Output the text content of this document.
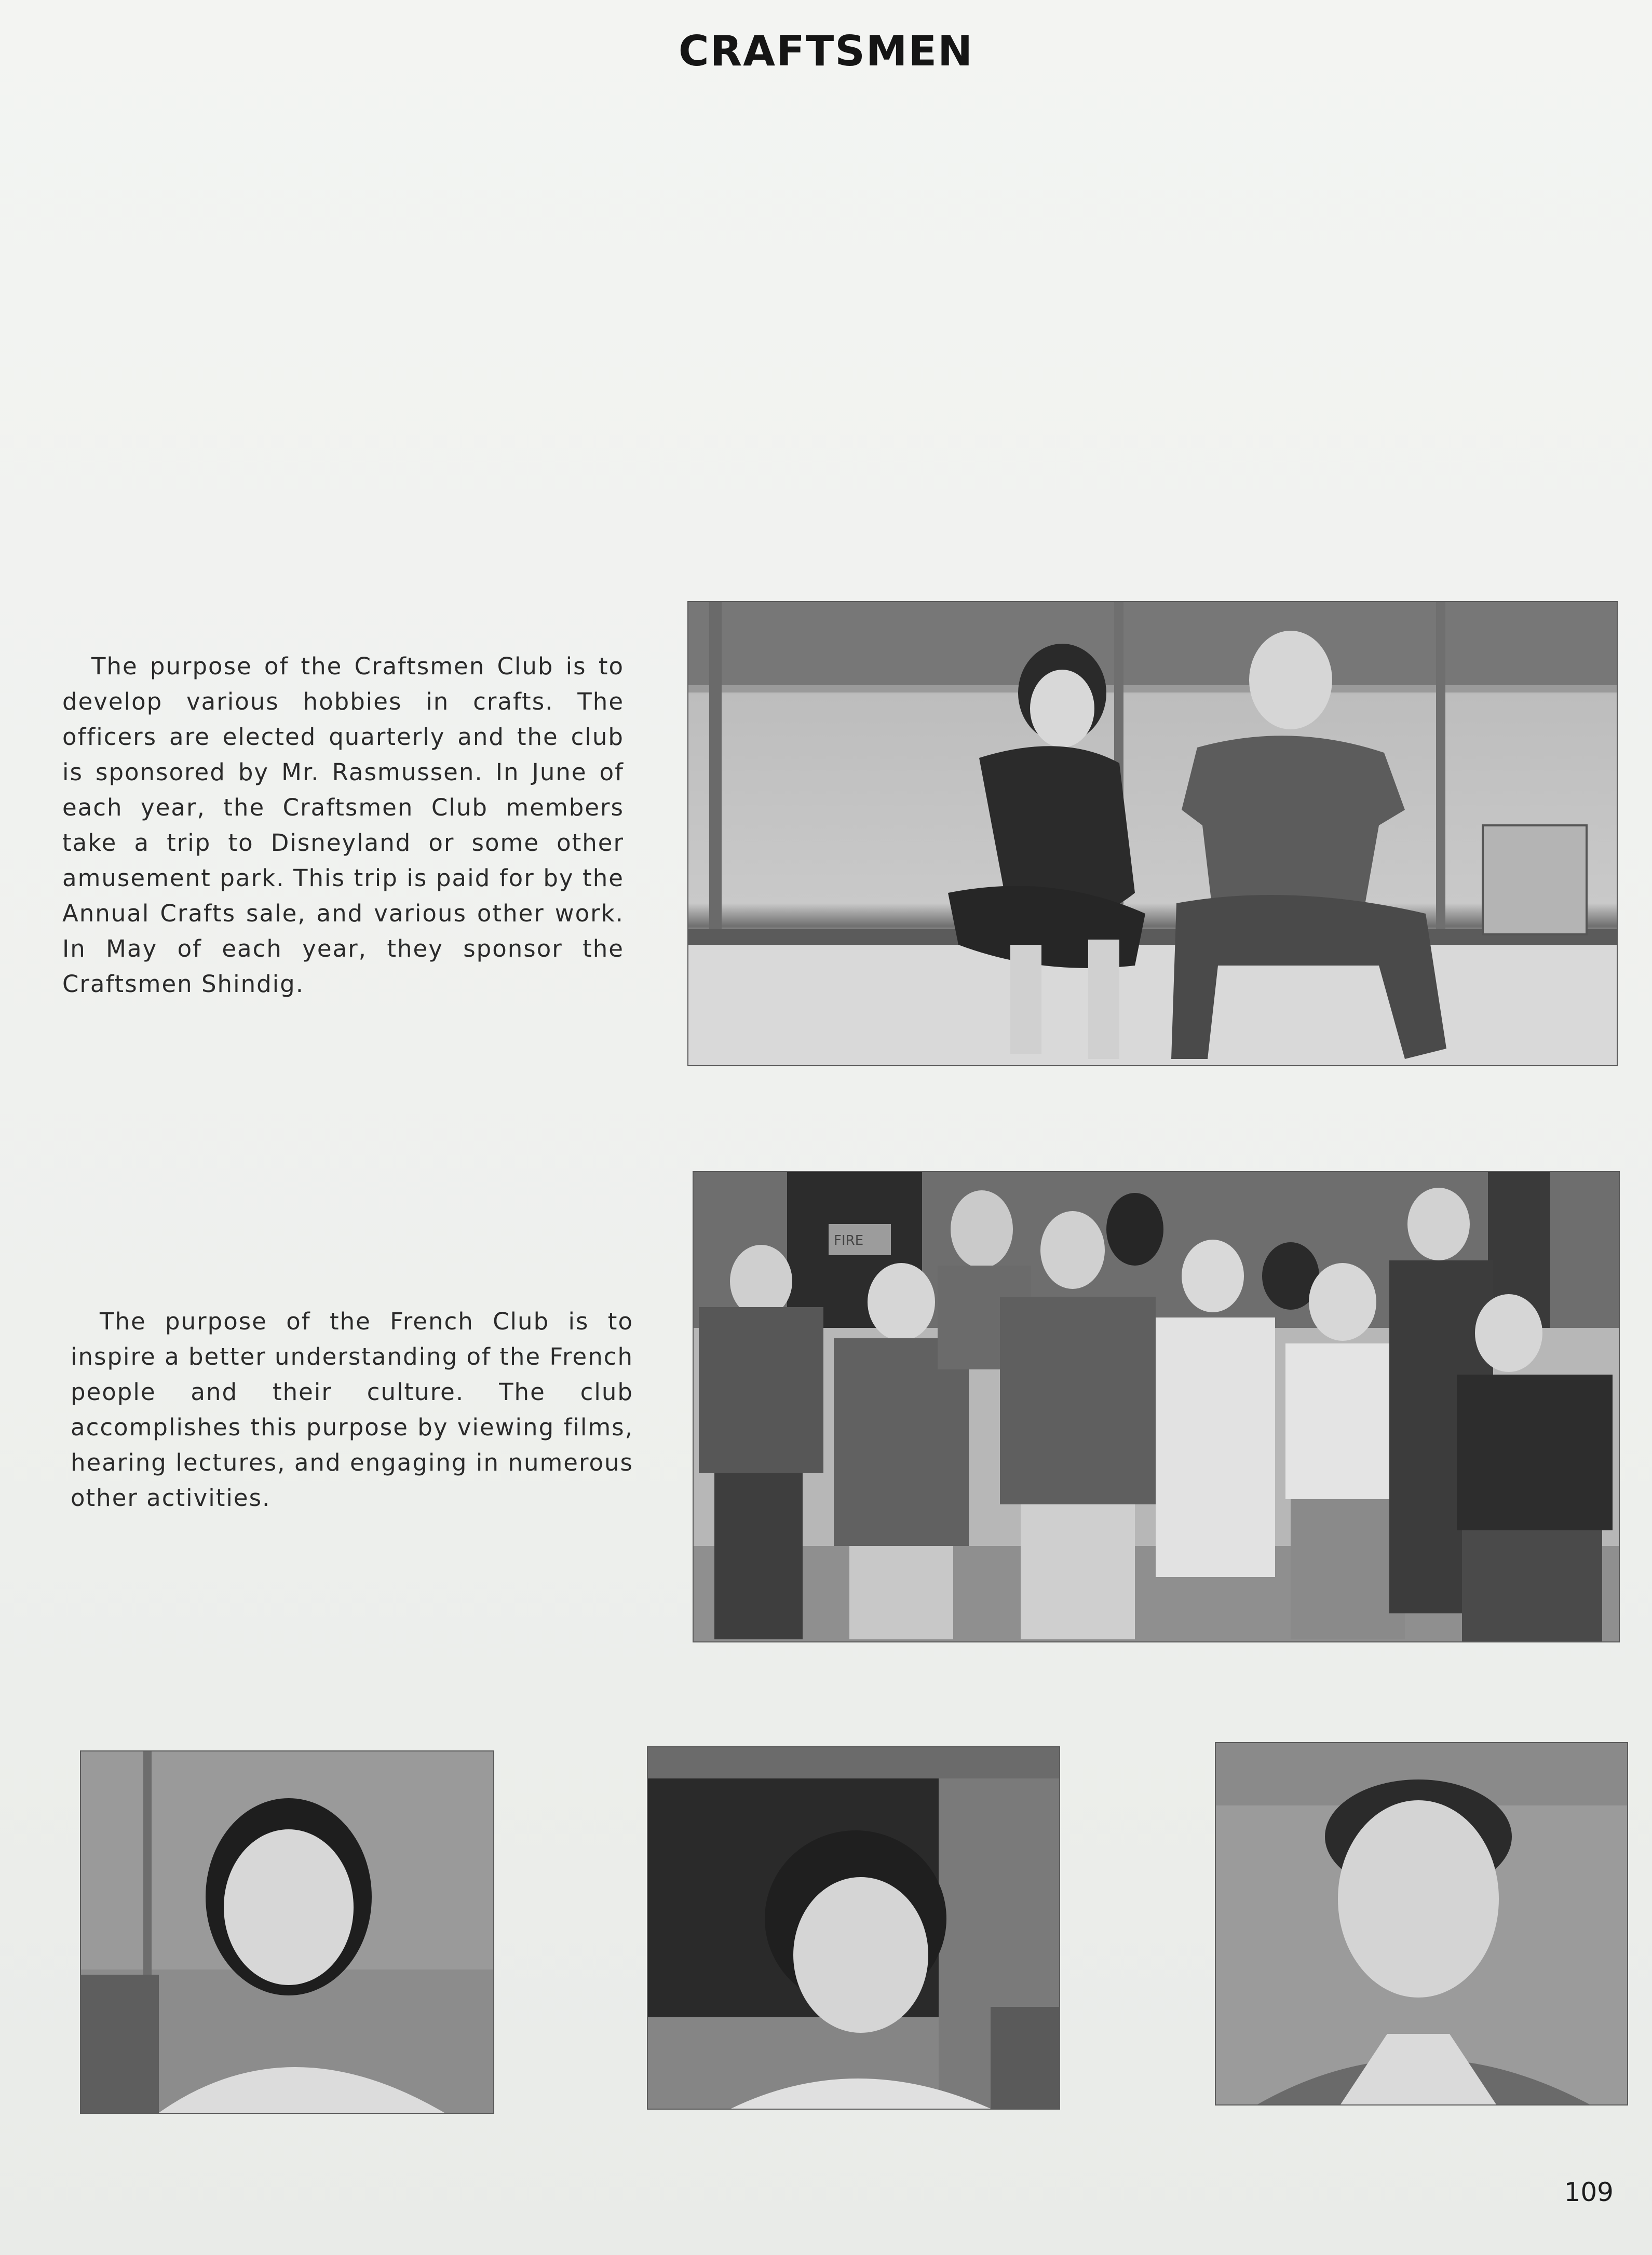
CRAFTSMEN

The purpose of the Craftsmen Club is to develop various hobbies in crafts. The officers are elected quarterly and the club is sponsored by Mr. Rasmussen. In June of each year, the Craftsmen Club members take a trip to Disneyland or some other amusement park. This trip is paid for by the Annual Crafts sale, and various other work. In May of each year, they sponsor the Craftsmen Shindig.

The purpose of the French Club is to inspire a better understanding of the French people and their culture. The club accomplishes this purpose by viewing films, hearing lectures, and engaging in numerous other activities.

FIRE
109
